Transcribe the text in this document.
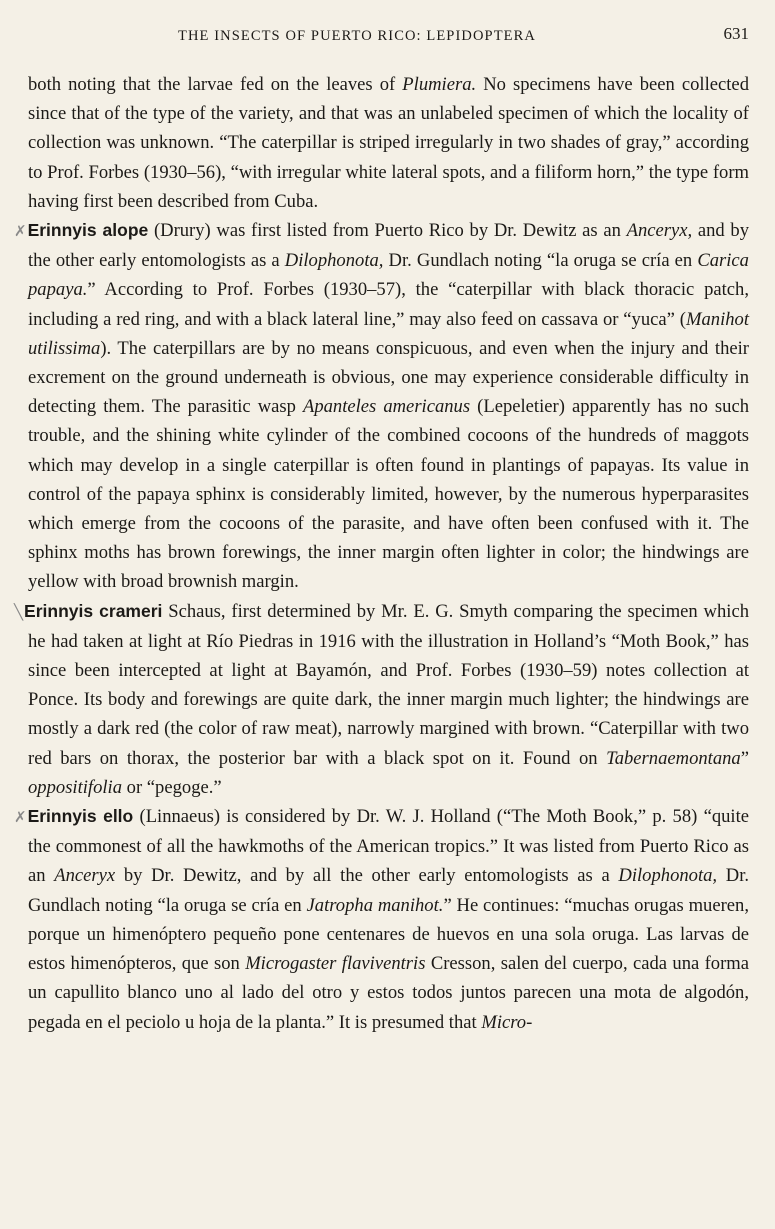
THE INSECTS OF PUERTO RICO: LEPIDOPTERA	631

both noting that the larvae fed on the leaves of Plumiera. No specimens have been collected since that of the type of the variety, and that was an unlabeled specimen of which the locality of collection was unknown. “The caterpillar is striped irregularly in two shades of gray,” according to Prof. Forbes (1930–56), “with irregular white lateral spots, and a filiform horn,” the type form having first been described from Cuba.

✗Erinnyis alope (Drury) was first listed from Puerto Rico by Dr. Dewitz as an Anceryx, and by the other early entomologists as a Dilophonota, Dr. Gundlach noting “la oruga se cría en Carica papaya.” According to Prof. Forbes (1930–57), the “caterpillar with black thoracic patch, including a red ring, and with a black lateral line,” may also feed on cassava or “yuca” (Manihot utilissima). The caterpillars are by no means conspicuous, and even when the injury and their excrement on the ground underneath is obvious, one may experience considerable difficulty in detecting them. The parasitic wasp Apanteles americanus (Lepeletier) apparently has no such trouble, and the shining white cylinder of the combined cocoons of the hundreds of maggots which may develop in a single caterpillar is often found in plantings of papayas. Its value in control of the papaya sphinx is considerably limited, however, by the numerous hyperparasites which emerge from the cocoons of the parasite, and have often been confused with it. The sphinx moths has brown forewings, the inner margin often lighter in color; the hindwings are yellow with broad brownish margin.

╲Erinnyis crameri Schaus, first determined by Mr. E. G. Smyth comparing the specimen which he had taken at light at Río Piedras in 1916 with the illustration in Holland’s “Moth Book,” has since been intercepted at light at Bayamón, and Prof. Forbes (1930–59) notes collection at Ponce. Its body and forewings are quite dark, the inner margin much lighter; the hindwings are mostly a dark red (the color of raw meat), narrowly margined with brown. “Caterpillar with two red bars on thorax, the posterior bar with a black spot on it. Found on Tabernaemontana” oppositifolia or “pegoge.”

✗Erinnyis ello (Linnaeus) is considered by Dr. W. J. Holland (“The Moth Book,” p. 58) “quite the commonest of all the hawkmoths of the American tropics.” It was listed from Puerto Rico as an Anceryx by Dr. Dewitz, and by all the other early entomologists as a Dilophonota, Dr. Gundlach noting “la oruga se cría en Jatropha manihot.” He continues: “muchas orugas mueren, porque un himenóptero pequeño pone centenares de huevos en una sola oruga. Las larvas de estos himenópteros, que son Microgaster flaviventris Cresson, salen del cuerpo, cada una forma un capullito blanco uno al lado del otro y estos todos juntos parecen una mota de algodón, pegada en el peciolo u hoja de la planta.” It is presumed that Micro-
